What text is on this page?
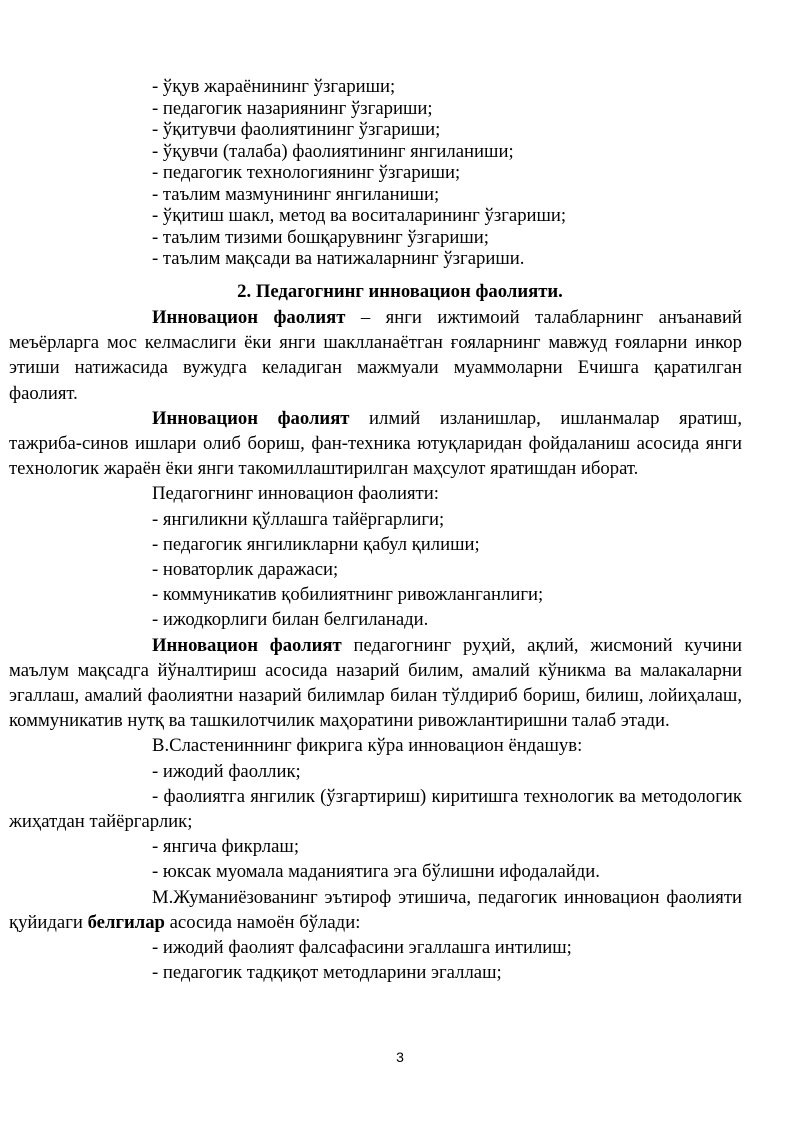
- ўқув жараёнининг ўзгариши;
- педагогик назариянинг ўзгариши;
- ўқитувчи фаолиятининг ўзгариши;
- ўқувчи (талаба) фаолиятининг янгиланиши;
- педагогик технологиянинг ўзгариши;
- таълим мазмунининг янгиланиши;
- ўқитиш шакл, метод ва воситаларининг ўзгариши;
- таълим тизими бошқарувнинг ўзгариши;
- таълим мақсади ва натижаларнинг ўзгариши.
2. Педагогнинг инновацион фаолияти.
Инновацион фаолият – янги ижтимоий талабларнинг анъанавий меъёрларга мос келмаслиги ёки янги шаклланаётган ғояларнинг мавжуд ғояларни инкор этиши натижасида вужудга келадиган мажмуали муаммоларни Ечишга қаратилган фаолият.
Инновацион фаолият илмий изланишлар, ишланмалар яратиш, тажриба-синов ишлари олиб бориш, фан-техника ютуқларидан фойдаланиш асосида янги технологик жараён ёки янги такомиллаштирилган маҳсулот яратишдан иборат.
Педагогнинг инновацион фаолияти:
- янгиликни қўллашга тайёргарлиги;
- педагогик янгиликларни қабул қилиши;
- новаторлик даражаси;
- коммуникатив қобилиятнинг ривожланганлиги;
- ижодкорлиги билан белгиланади.
Инновацион фаолият педагогнинг руҳий, ақлий, жисмоний кучини маълум мақсадга йўналтириш асосида назарий билим, амалий кўникма ва малакаларни эгаллаш, амалий фаолиятни назарий билимлар билан тўлдириб бориш, билиш, лойиҳалаш, коммуникатив нутқ ва ташкилотчилик маҳоратини ривожлантиришни талаб этади.
В.Сластениннинг фикрига кўра инновацион ёндашув:
- ижодий фаоллик;
- фаолиятга янгилик (ўзгартириш) киритишга технологик ва методологик жиҳатдан тайёргарлик;
- янгича фикрлаш;
- юксак муомала маданиятига эга бўлишни ифодалайди.
М.Жуманиёзованинг эътироф этишича, педагогик инновацион фаолияти қуйидаги белгилар асосида намоён бўлади:
- ижодий фаолият фалсафасини эгаллашга интилиш;
- педагогик тадқиқот методларини эгаллаш;
3
